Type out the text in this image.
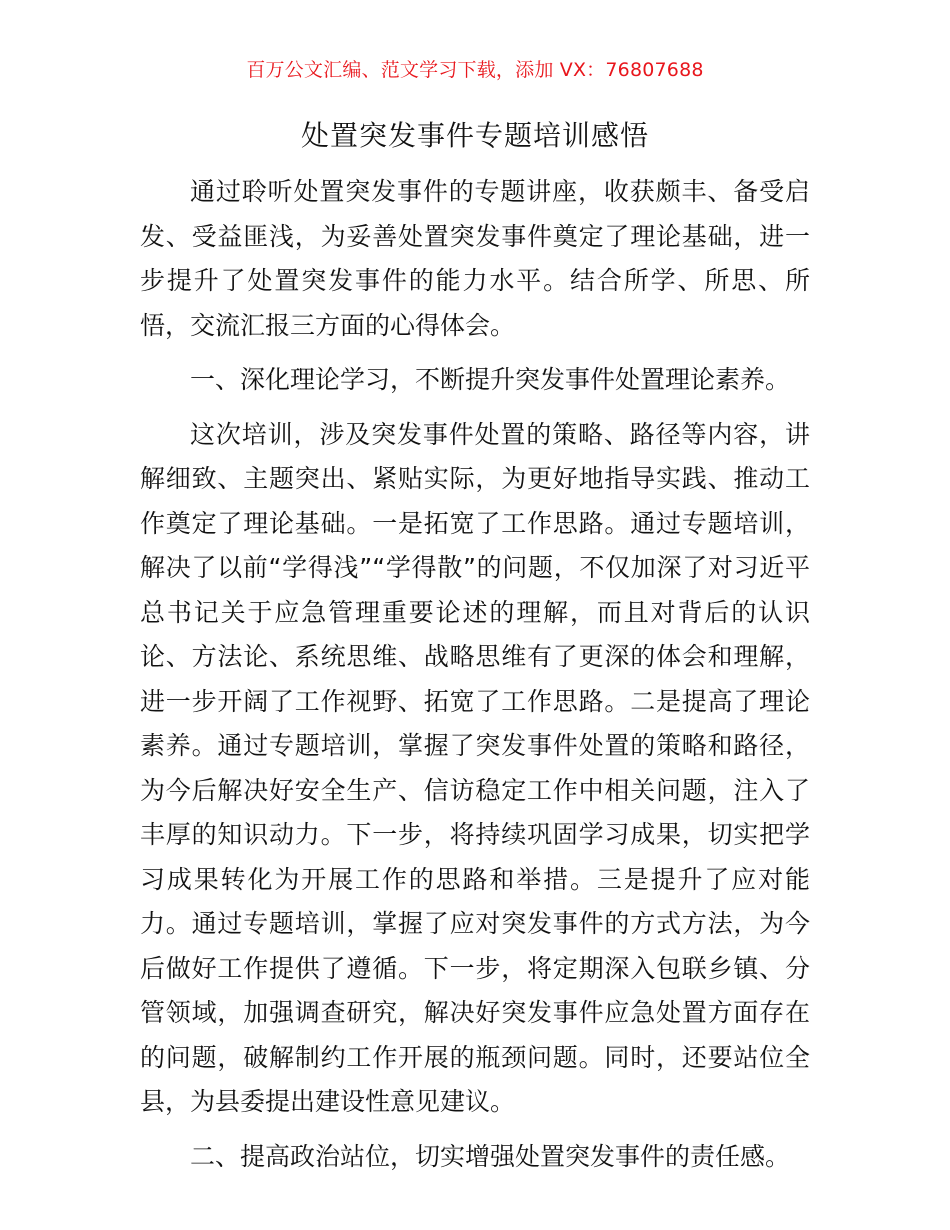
百万公文汇编、范文学习下载，添加 VX：76807688
处置突发事件专题培训感悟

通过聆听处置突发事件的专题讲座，收获颇丰、备受启发、受益匪浅，为妥善处置突发事件奠定了理论基础，进一步提升了处置突发事件的能力水平。结合所学、所思、所悟，交流汇报三方面的心得体会。

一、深化理论学习，不断提升突发事件处置理论素养。

这次培训，涉及突发事件处置的策略、路径等内容，讲解细致、主题突出、紧贴实际，为更好地指导实践、推动工作奠定了理论基础。一是拓宽了工作思路。通过专题培训，解决了以前“学得浅”“学得散”的问题，不仅加深了对习近平总书记关于应急管理重要论述的理解，而且对背后的认识论、方法论、系统思维、战略思维有了更深的体会和理解，进一步开阔了工作视野、拓宽了工作思路。二是提高了理论素养。通过专题培训，掌握了突发事件处置的策略和路径，为今后解决好安全生产、信访稳定工作中相关问题，注入了丰厚的知识动力。下一步，将持续巩固学习成果，切实把学习成果转化为开展工作的思路和举措。三是提升了应对能力。通过专题培训，掌握了应对突发事件的方式方法，为今后做好工作提供了遵循。下一步，将定期深入包联乡镇、分管领域，加强调查研究，解决好突发事件应急处置方面存在的问题，破解制约工作开展的瓶颈问题。同时，还要站位全县，为县委提出建设性意见建议。

二、提高政治站位，切实增强处置突发事件的责任感。
